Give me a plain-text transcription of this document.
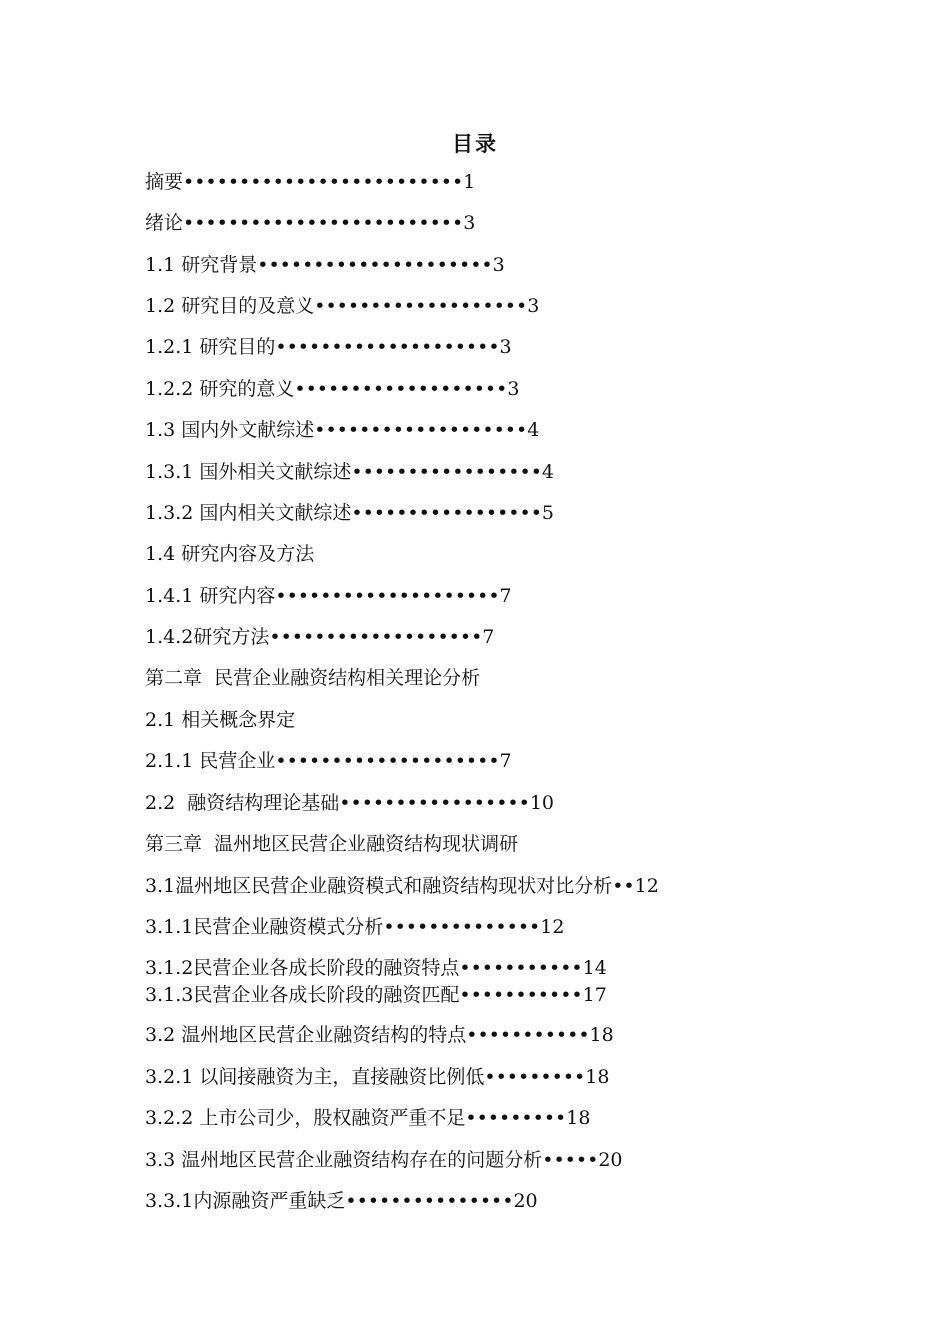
目录
摘要 ••••••••••••••••••••••••• 1
绪论 ••••••••••••••••••••••••• 3
1.1 研究背景 ••••••••••••••••••••• 3
1.2 研究目的及意义 ••••••••••••••••••• 3
1.2.1 研究目的 •••••••••••••••••••• 3
1.2.2 研究的意义 ••••••••••••••••••• 3
1.3 国内外文献综述 ••••••••••••••••••• 4
1.3.1 国外相关文献综述 ••••••••••••••••• 4
1.3.2 国内相关文献综述 ••••••••••••••••• 5
1.4 研究内容及方法
1.4.1 研究内容 •••••••••••••••••••• 7
1.4.2研究方法 ••••••••••••••••••• 7
第二章  民营企业融资结构相关理论分析
2.1 相关概念界定
2.1.1 民营企业 •••••••••••••••••••• 7
2.2  融资结构理论基础 ••••••••••••••••• 10
第三章  温州地区民营企业融资结构现状调研
3.1温州地区民营企业融资模式和融资结构现状对比分析 •• 12
3.1.1民营企业融资模式分析 •••••••••••••• 12
3.1.2民营企业各成长阶段的融资特点 ••••••••••• 14
3.1.3民营企业各成长阶段的融资匹配 ••••••••••• 17
3.2 温州地区民营企业融资结构的特点 ••••••••••• 18
3.2.1 以间接融资为主，直接融资比例低 ••••••••• 18
3.2.2 上市公司少，股权融资严重不足 ••••••••• 18
3.3 温州地区民营企业融资结构存在的问题分析 ••••• 20
3.3.1内源融资严重缺乏 ••••••••••••••• 20
